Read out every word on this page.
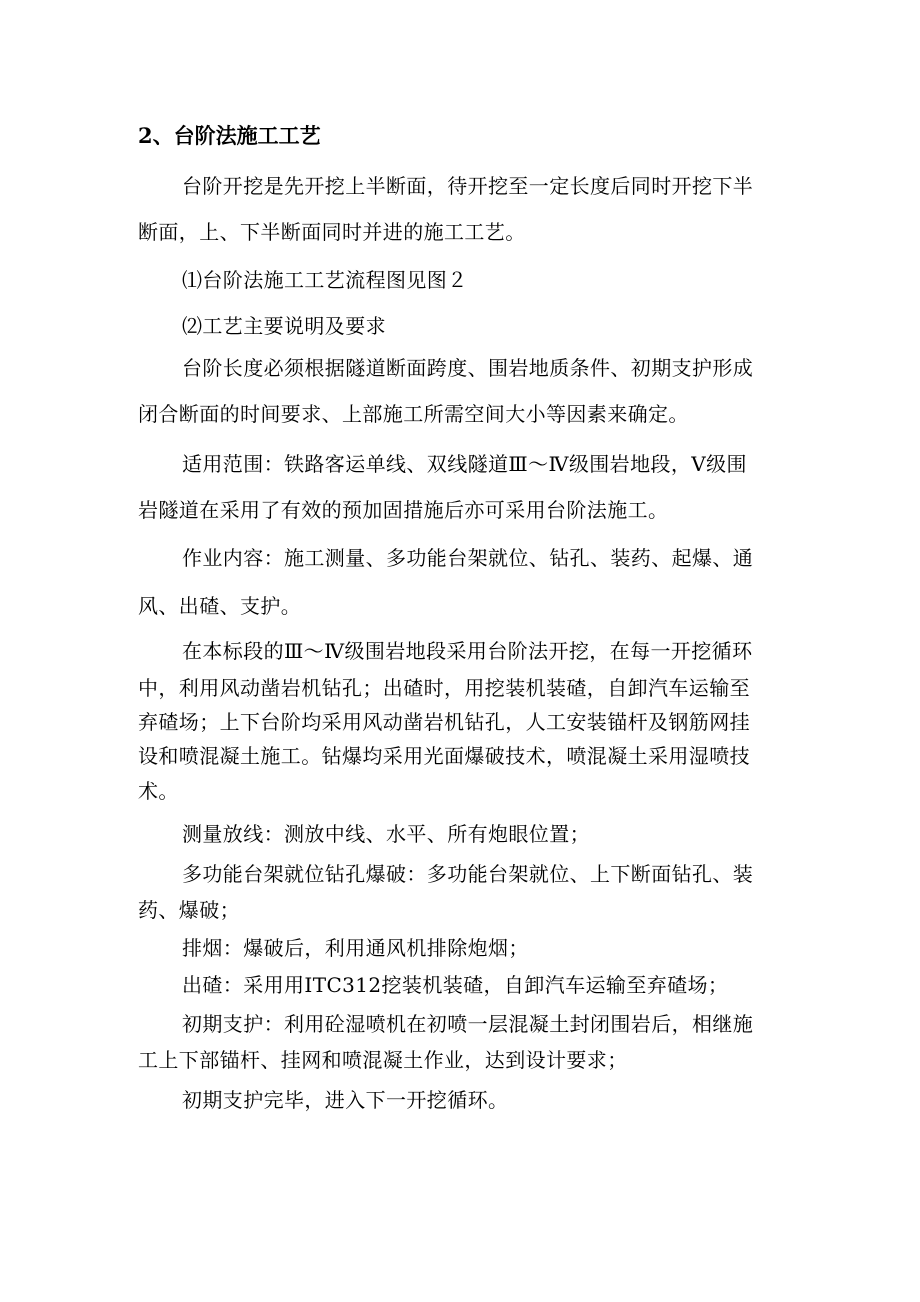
2、台阶法施工工艺
台阶开挖是先开挖上半断面，待开挖至一定长度后同时开挖下半
断面，上、下半断面同时并进的施工工艺。
⑴台阶法施工工艺流程图见图２
⑵工艺主要说明及要求
台阶长度必须根据隧道断面跨度、围岩地质条件、初期支护形成
闭合断面的时间要求、上部施工所需空间大小等因素来确定。
适用范围：铁路客运单线、双线隧道Ⅲ～Ⅳ级围岩地段，Ⅴ级围
岩隧道在采用了有效的预加固措施后亦可采用台阶法施工。
作业内容：施工测量、多功能台架就位、钻孔、装药、起爆、通
风、出碴、支护。
在本标段的Ⅲ～Ⅳ级围岩地段采用台阶法开挖，在每一开挖循环
中，利用风动凿岩机钻孔；出碴时，用挖装机装碴，自卸汽车运输至
弃碴场；上下台阶均采用风动凿岩机钻孔，人工安装锚杆及钢筋网挂
设和喷混凝土施工。钻爆均采用光面爆破技术，喷混凝土采用湿喷技
术。
测量放线：测放中线、水平、所有炮眼位置；
多功能台架就位钻孔爆破：多功能台架就位、上下断面钻孔、装
药、爆破；
排烟：爆破后，利用通风机排除炮烟；
出碴：采用用ITC312挖装机装碴，自卸汽车运输至弃碴场；
初期支护：利用砼湿喷机在初喷一层混凝土封闭围岩后，相继施
工上下部锚杆、挂网和喷混凝土作业，达到设计要求；
初期支护完毕，进入下一开挖循环。
